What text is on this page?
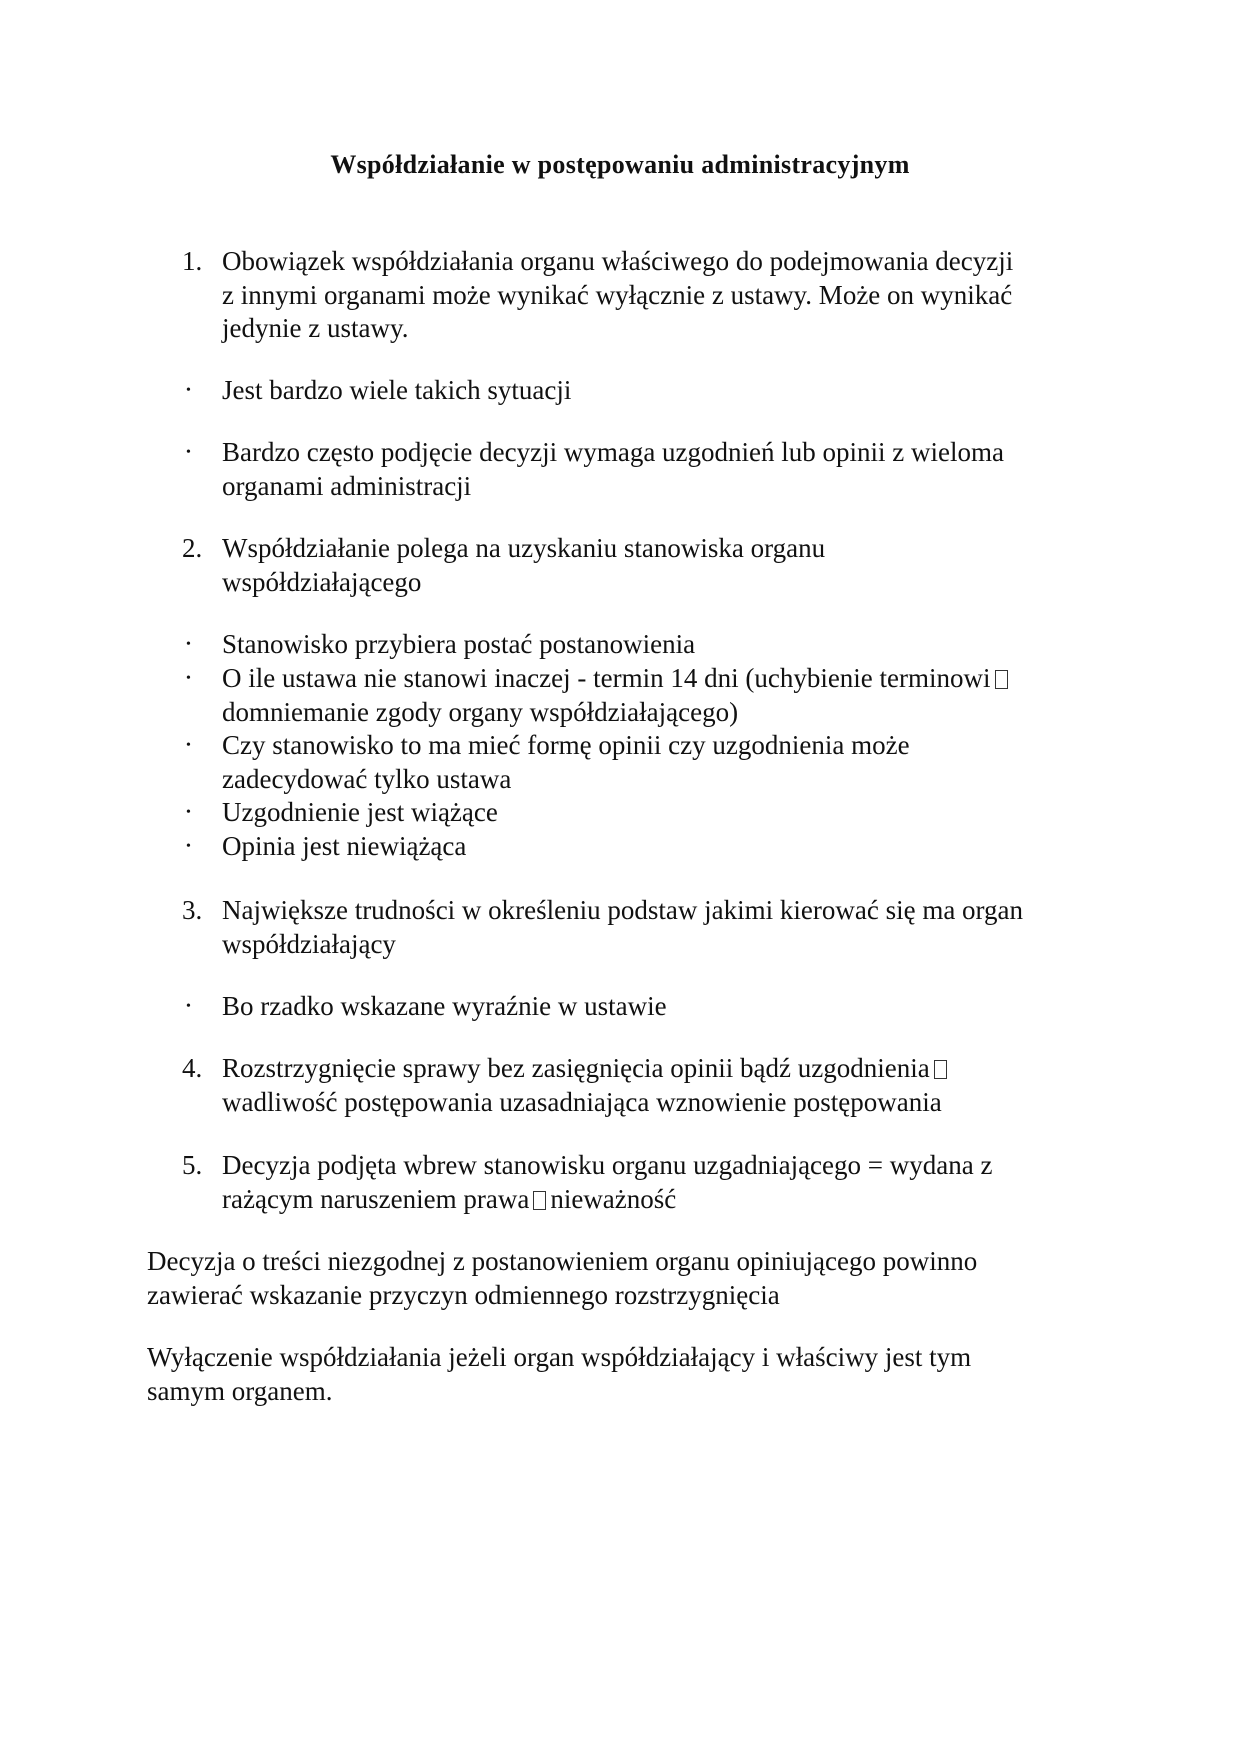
Współdziałanie w postępowaniu administracyjnym
1. Obowiązek współdziałania organu właściwego do podejmowania decyzji
z innymi organami może wynikać wyłącznie z ustawy. Może on wynikać
jedynie z ustawy.
•	Jest bardzo wiele takich sytuacji
•	Bardzo często podjęcie decyzji wymaga uzgodnień lub opinii z wieloma
organami administracji
2. Współdziałanie polega na uzyskaniu stanowiska organu
współdziałającego
•	Stanowisko przybiera postać postanowienia
•	O ile ustawa nie stanowi inaczej - termin 14 dni (uchybienie terminowi
domniemanie zgody organy współdziałającego)
•	Czy stanowisko to ma mieć formę opinii czy uzgodnienia może
zadecydować tylko ustawa
•	Uzgodnienie jest wiążące
•	Opinia jest niewiążąca
3. Największe trudności w określeniu podstaw jakimi kierować się ma organ
współdziałający
•	Bo rzadko wskazane wyraźnie w ustawie
4. Rozstrzygnięcie sprawy bez zasięgnięcia opinii bądź uzgodnienia
wadliwość postępowania uzasadniająca wznowienie postępowania
5. Decyzja podjęta wbrew stanowisku organu uzgadniającego = wydana z
rażącym naruszeniem prawa nieważność
Decyzja o treści niezgodnej z postanowieniem organu opiniującego powinno
zawierać wskazanie przyczyn odmiennego rozstrzygnięcia
Wyłączenie współdziałania jeżeli organ współdziałający i właściwy jest tym
samym organem.
